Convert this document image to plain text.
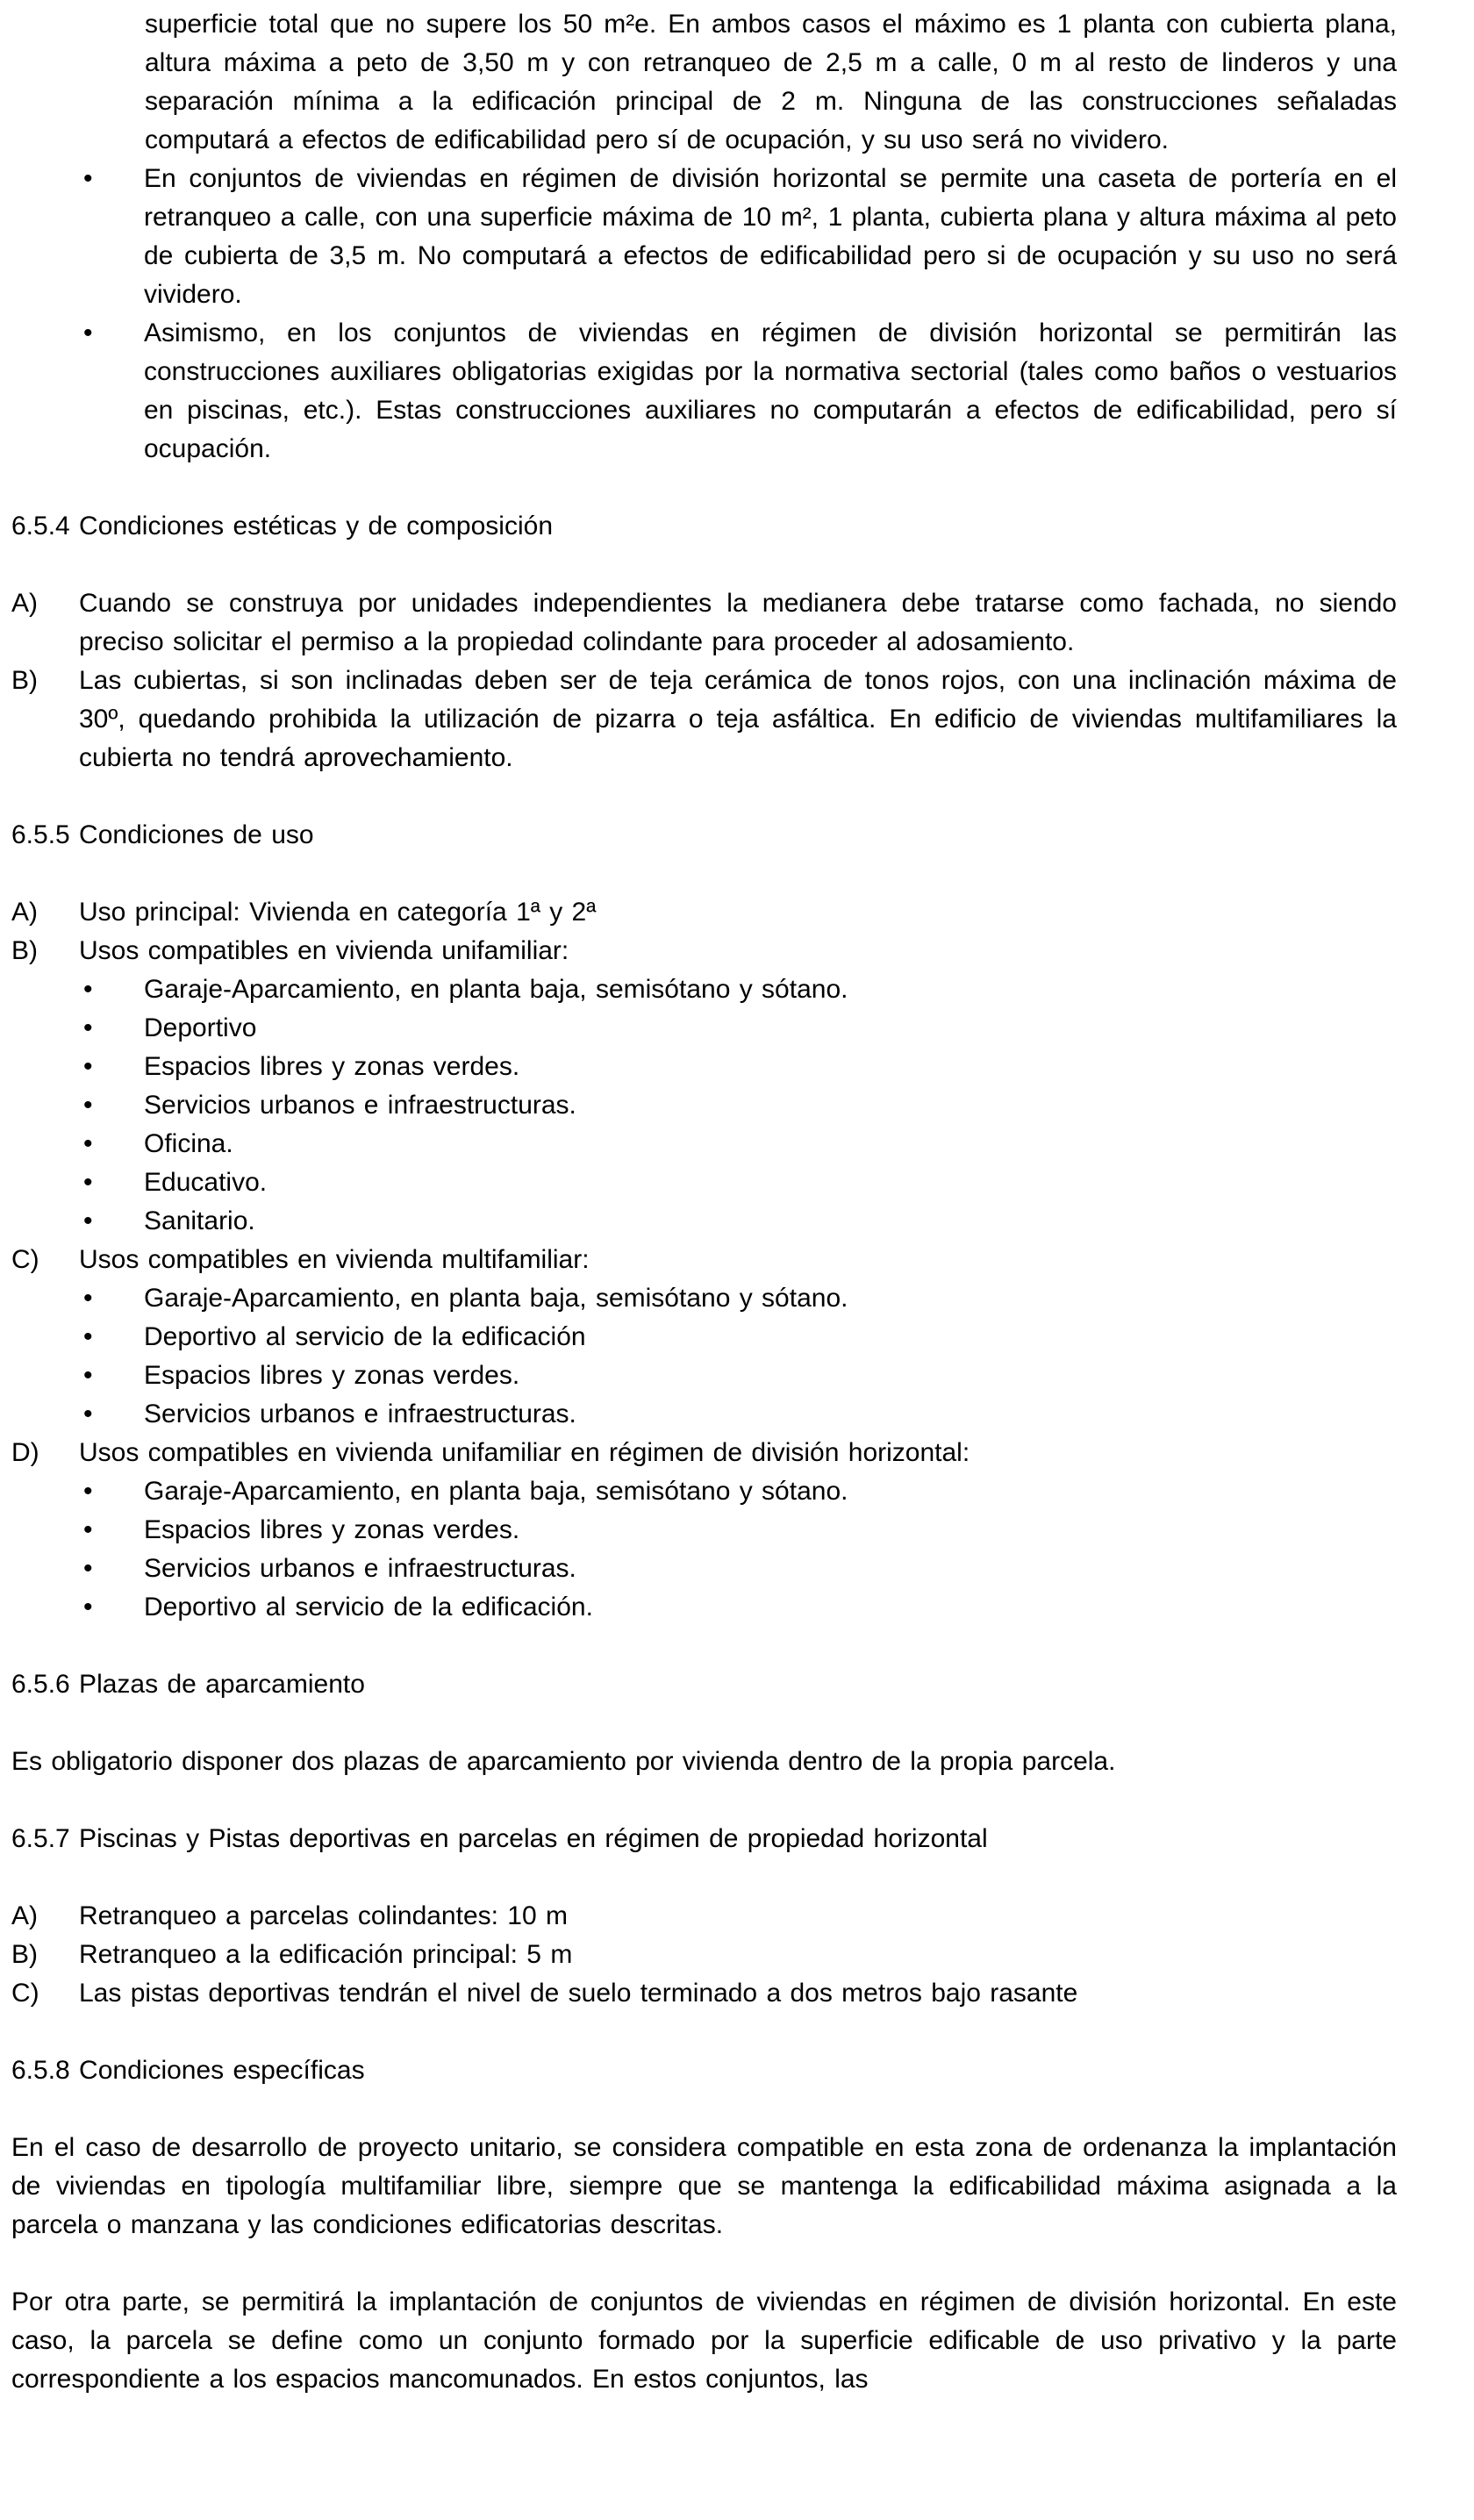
superficie total que no supere los 50 m²e. En ambos casos el máximo es 1 planta con cubierta plana, altura máxima a peto de 3,50 m y con retranqueo de 2,5 m a calle, 0 m al resto de linderos y una separación mínima a la edificación principal de 2 m. Ninguna de las construcciones señaladas computará a efectos de edificabilidad pero sí de ocupación, y su uso será no vividero.
•	En conjuntos de viviendas en régimen de división horizontal se permite una caseta de portería en el retranqueo a calle, con una superficie máxima de 10 m², 1 planta, cubierta plana y altura máxima al peto de cubierta de 3,5 m. No computará a efectos de edificabilidad pero si de ocupación y su uso no será vividero.
•	Asimismo, en los conjuntos de viviendas en régimen de división horizontal se permitirán las construcciones auxiliares obligatorias exigidas por la normativa sectorial (tales como baños o vestuarios en piscinas, etc.). Estas construcciones auxiliares no computarán a efectos de edificabilidad, pero sí ocupación.
6.5.4 Condiciones estéticas y de composición
A)	Cuando se construya por unidades independientes la medianera debe tratarse como fachada, no siendo preciso solicitar el permiso a la propiedad colindante para proceder al adosamiento.
B)	Las cubiertas, si son inclinadas deben ser de teja cerámica de tonos rojos, con una inclinación máxima de 30º, quedando prohibida la utilización de pizarra o teja asfáltica. En edificio de viviendas multifamiliares la cubierta no tendrá aprovechamiento.
6.5.5 Condiciones de uso
A)	Uso principal: Vivienda en categoría 1ª y 2ª
B)	Usos compatibles en vivienda unifamiliar:
•	Garaje-Aparcamiento, en planta baja, semisótano y sótano.
•	Deportivo
•	Espacios libres y zonas verdes.
•	Servicios urbanos e infraestructuras.
•	Oficina.
•	Educativo.
•	Sanitario.
C)	Usos compatibles en vivienda multifamiliar:
•	Garaje-Aparcamiento, en planta baja, semisótano y sótano.
•	Deportivo al servicio de la edificación
•	Espacios libres y zonas verdes.
•	Servicios urbanos e infraestructuras.
D)	Usos compatibles en vivienda unifamiliar en régimen de división horizontal:
•	Garaje-Aparcamiento, en planta baja, semisótano y sótano.
•	Espacios libres y zonas verdes.
•	Servicios urbanos e infraestructuras.
•	Deportivo al servicio de la edificación.
6.5.6 Plazas de aparcamiento
Es obligatorio disponer dos plazas de aparcamiento por vivienda dentro de la propia parcela.
6.5.7 Piscinas y Pistas deportivas en parcelas en régimen de propiedad horizontal
A)	Retranqueo a parcelas colindantes: 10 m
B)	Retranqueo a la edificación principal: 5 m
C)	Las pistas deportivas tendrán el nivel de suelo terminado a dos metros bajo rasante
6.5.8 Condiciones específicas
En el caso de desarrollo de proyecto unitario, se considera compatible en esta zona de ordenanza la implantación de viviendas en tipología multifamiliar libre, siempre que se mantenga la edificabilidad máxima asignada a la parcela o manzana y las condiciones edificatorias descritas.
Por otra parte, se permitirá la implantación de conjuntos de viviendas en régimen de división horizontal. En este caso, la parcela se define como un conjunto formado por la superficie edificable de uso privativo y la parte correspondiente a los espacios mancomunados. En estos conjuntos, las
